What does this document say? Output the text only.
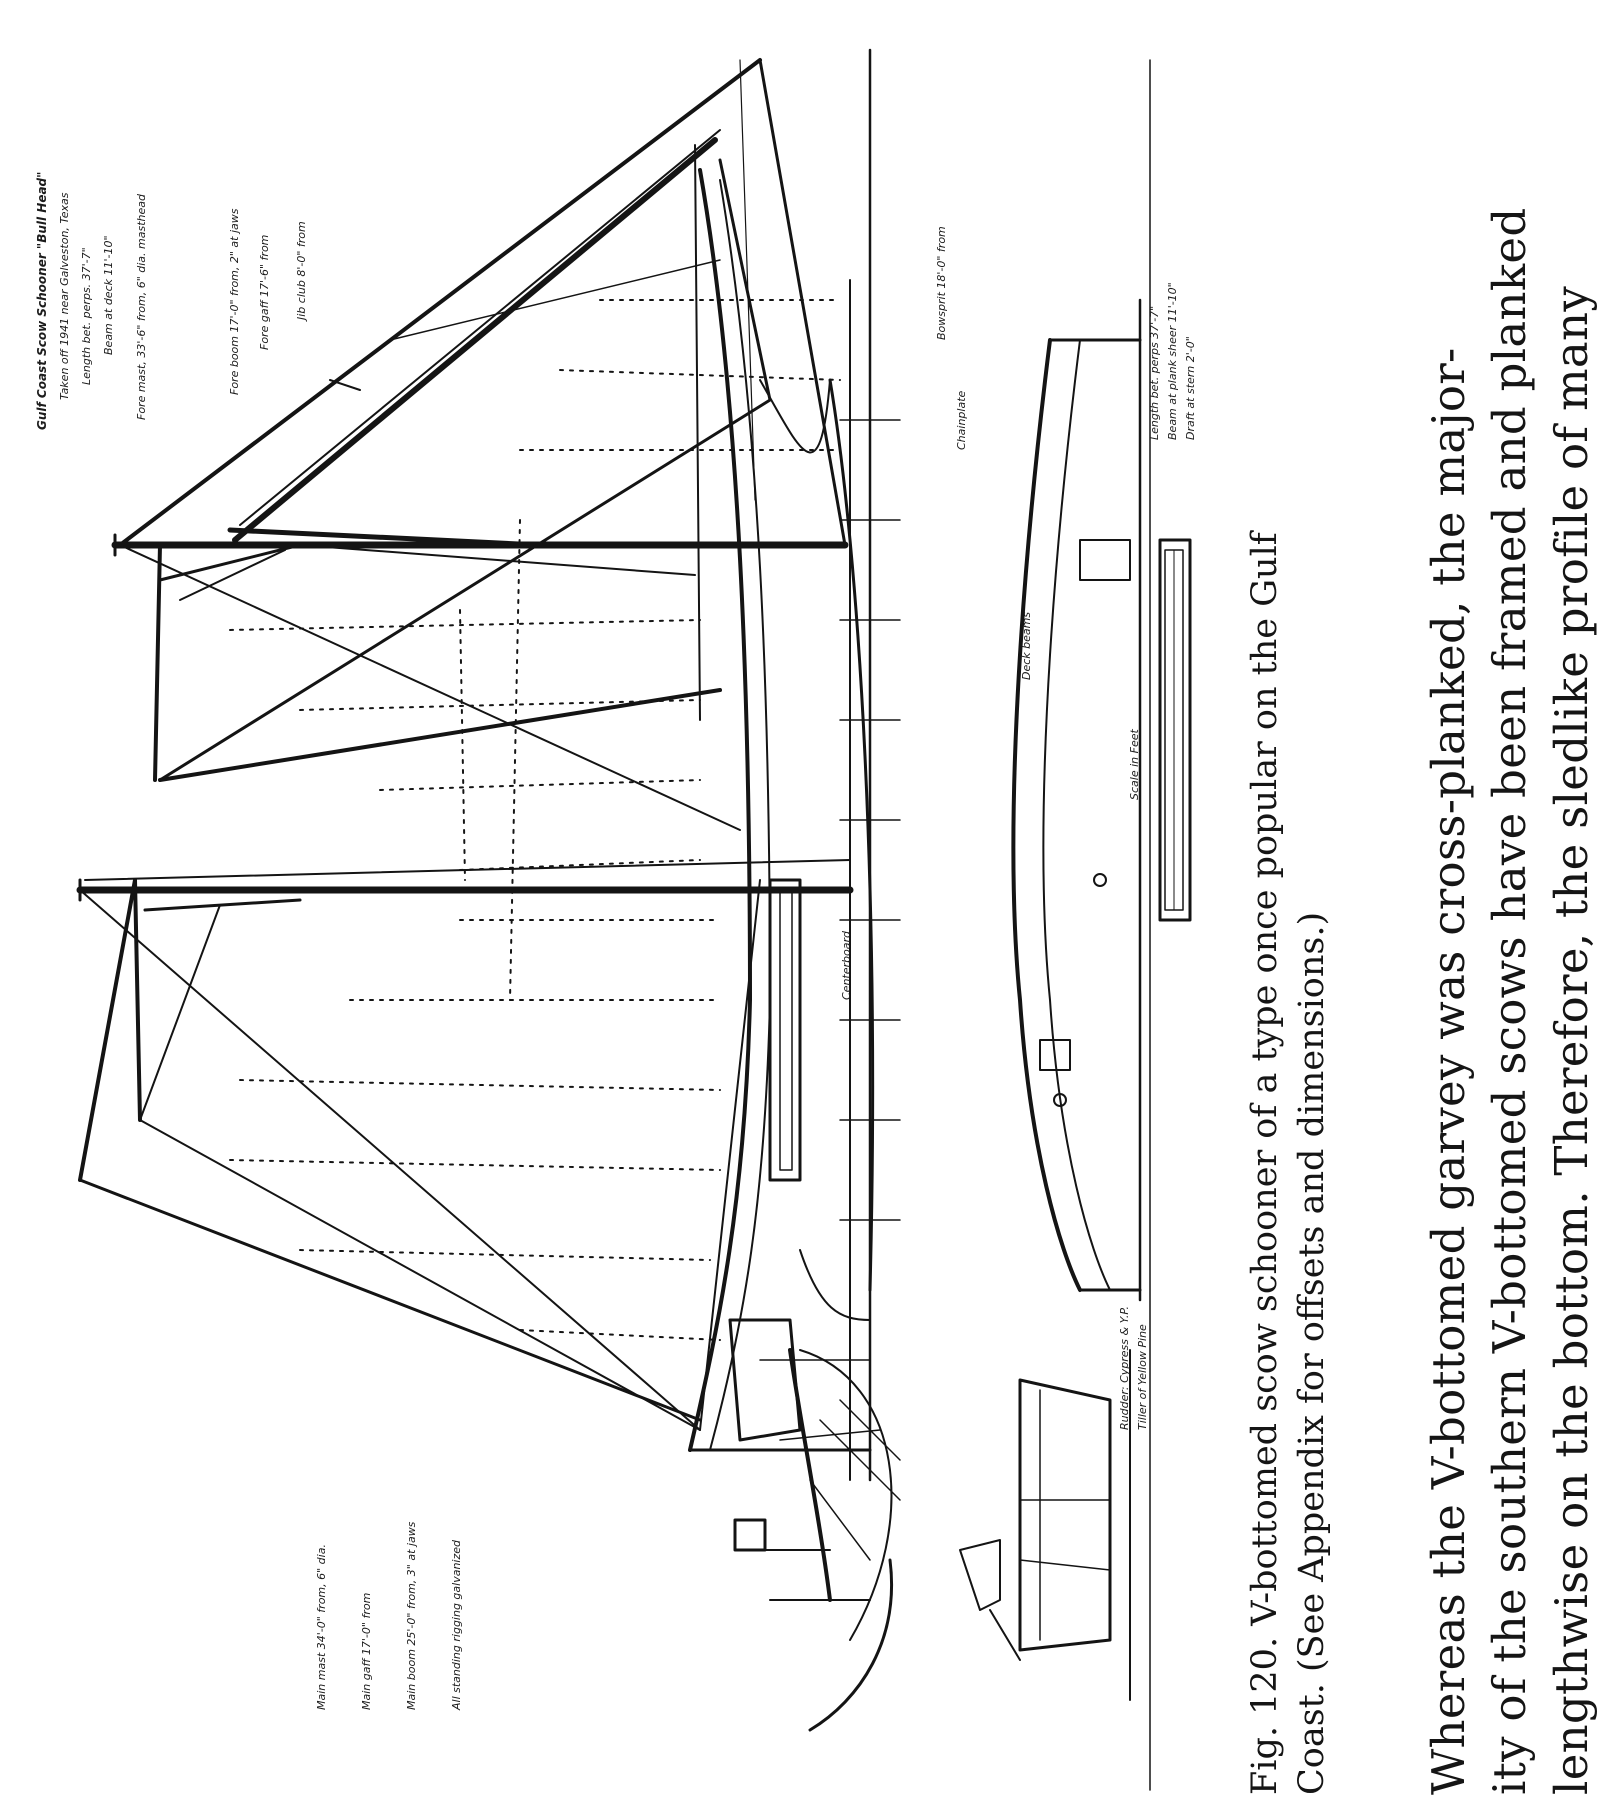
Gulf Coast Scow Schooner "Bull Head" Taken off 1941 near Galveston, Texas Length bet. perps. 37'-7" Beam at deck 11'-10" Fore mast, 33'-6" from, 6" dia. masthead	Fore boom 17'-0" from, 2" at jaws Fore gaff 17'-6" from Jib club 8'-0" from
Main mast 34'-0" from, 6" dia.	Main gaff 17'-0" from	Main boom 25'-0" from, 3" at jaws	All standing rigging galvanized
Length bet. perps 37'-7" Beam at plank sheer 11'-10" Draft at stern 2'-0"
Rudder: Cypress & Y.P. Tiller of Yellow Pine
Scale in Feet
Bowsprit 18'-0" from
Deck beams
Centerboard
Chainplate
Fig. 120. V-bottomed scow schooner of a type once popular on the Gulf Coast. (See Appendix for offsets and dimensions.) Whereas the V-bottomed garvey was cross-planked, the major- ity of the southern V-bottomed scows have been framed and planked lengthwise on the bottom. Therefore, the sledlike profile of many
